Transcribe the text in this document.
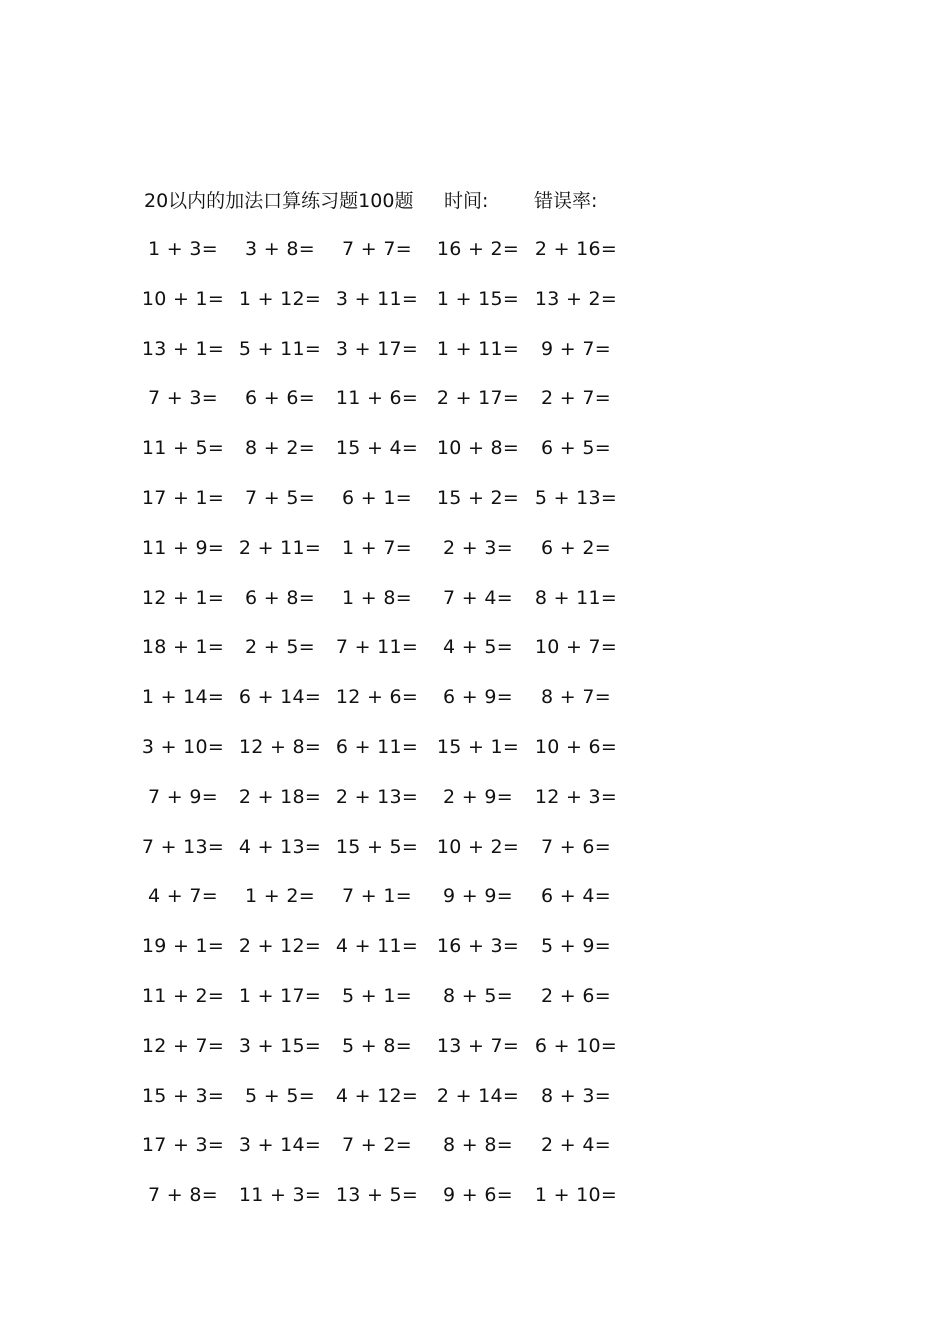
20以内的加法口算练习题100题 时间: 错误率:
1 + 3=	3 + 8=	7 + 7=	16 + 2= 2 + 16=
10 + 1= 1 + 12= 3 + 11= 1 + 15= 13 + 2=
13 + 1= 5 + 11= 3 + 17= 1 + 11=	9 + 7=
7 + 3=	6 + 6=	11 + 6= 2 + 17=	2 + 7=
11 + 5=	8 + 2=	15 + 4= 10 + 8=	6 + 5=
17 + 1=	7 + 5=	6 + 1=	15 + 2= 5 + 13=
11 + 9= 2 + 11=	1 + 7=	2 + 3=	6 + 2=
12 + 1=	6 + 8=	1 + 8=	7 + 4=	8 + 11=
18 + 1=	2 + 5=	7 + 11=	4 + 5=	10 + 7=
1 + 14= 6 + 14= 12 + 6=	6 + 9=	8 + 7=
3 + 10= 12 + 8= 6 + 11= 15 + 1= 10 + 6=
7 + 9=	2 + 18= 2 + 13=	2 + 9=	12 + 3=
7 + 13= 4 + 13= 15 + 5= 10 + 2=	7 + 6=
4 + 7=	1 + 2=	7 + 1=	9 + 9=	6 + 4=
19 + 1= 2 + 12= 4 + 11= 16 + 3=	5 + 9=
11 + 2= 1 + 17=	5 + 1=	8 + 5=	2 + 6=
12 + 7= 3 + 15=	5 + 8=	13 + 7= 6 + 10=
15 + 3=	5 + 5=	4 + 12= 2 + 14=	8 + 3=
17 + 3= 3 + 14=	7 + 2=	8 + 8=	2 + 4=
7 + 8=	11 + 3= 13 + 5=	9 + 6=	1 + 10=
